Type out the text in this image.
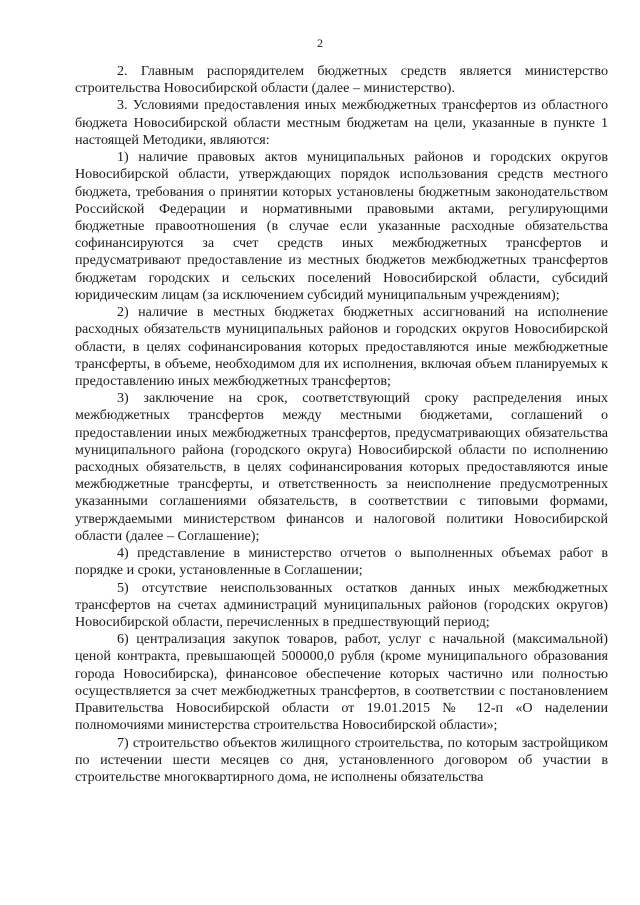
2

2. Главным распорядителем бюджетных средств является министерство строительства Новосибирской области (далее – министерство).

3. Условиями предоставления иных межбюджетных трансфертов из областного бюджета Новосибирской области местным бюджетам на цели, указанные в пункте 1 настоящей Методики, являются:

1) наличие правовых актов муниципальных районов и городских округов Новосибирской области, утверждающих порядок использования средств местного бюджета, требования о принятии которых установлены бюджетным законодательством Российской Федерации и нормативными правовыми актами, регулирующими бюджетные правоотношения (в случае если указанные расходные обязательства софинансируются за счет средств иных межбюджетных трансфертов и предусматривают предоставление из местных бюджетов межбюджетных трансфертов бюджетам городских и сельских поселений Новосибирской области, субсидий юридическим лицам (за исключением субсидий муниципальным учреждениям);

2) наличие в местных бюджетах бюджетных ассигнований на исполнение расходных обязательств муниципальных районов и городских округов Новосибирской области, в целях софинансирования которых предоставляются иные межбюджетные трансферты, в объеме, необходимом для их исполнения, включая объем планируемых к предоставлению иных межбюджетных трансфертов;

3) заключение на срок, соответствующий сроку распределения иных межбюджетных трансфертов между местными бюджетами, соглашений о предоставлении иных межбюджетных трансфертов, предусматривающих обязательства муниципального района (городского округа) Новосибирской области по исполнению расходных обязательств, в целях софинансирования которых предоставляются иные межбюджетные трансферты, и ответственность за неисполнение предусмотренных указанными соглашениями обязательств, в соответствии с типовыми формами, утверждаемыми министерством финансов и налоговой политики Новосибирской области (далее – Соглашение);

4) представление в министерство отчетов о выполненных объемах работ в порядке и сроки, установленные в Соглашении;

5) отсутствие неиспользованных остатков данных иных межбюджетных трансфертов на счетах администраций муниципальных районов (городских округов) Новосибирской области, перечисленных в предшествующий период;

6) централизация закупок товаров, работ, услуг с начальной (максимальной) ценой контракта, превышающей 500000,0 рубля (кроме муниципального образования города Новосибирска), финансовое обеспечение которых частично или полностью осуществляется за счет межбюджетных трансфертов, в соответствии с постановлением Правительства Новосибирской области от 19.01.2015 № 12-п «О наделении полномочиями министерства строительства Новосибирской области»;

7) строительство объектов жилищного строительства, по которым застройщиком по истечении шести месяцев со дня, установленного договором об участии в строительстве многоквартирного дома, не исполнены обязательства
